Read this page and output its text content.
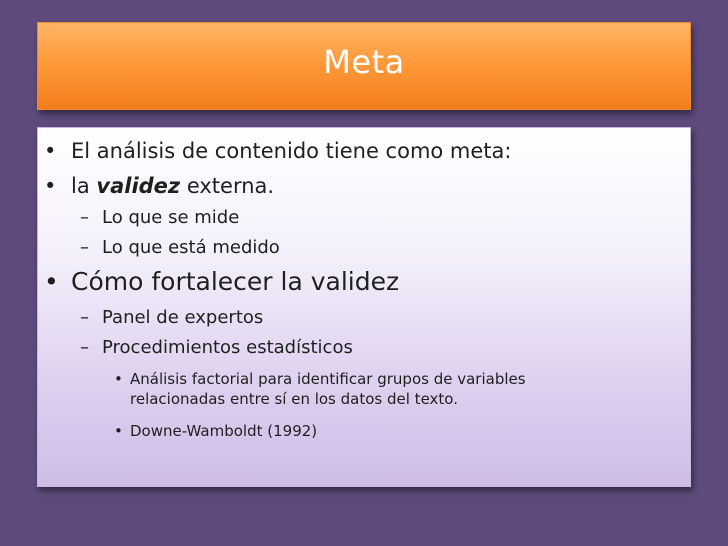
Meta
• El análisis de contenido tiene como meta:
• la validez externa.
– Lo que se mide
– Lo que está medido
• Cómo fortalecer la validez
– Panel de expertos
– Procedimientos estadísticos
• Análisis factorial para identificar grupos de variables
relacionadas entre sí en los datos del texto.
• Downe-Wamboldt (1992)
